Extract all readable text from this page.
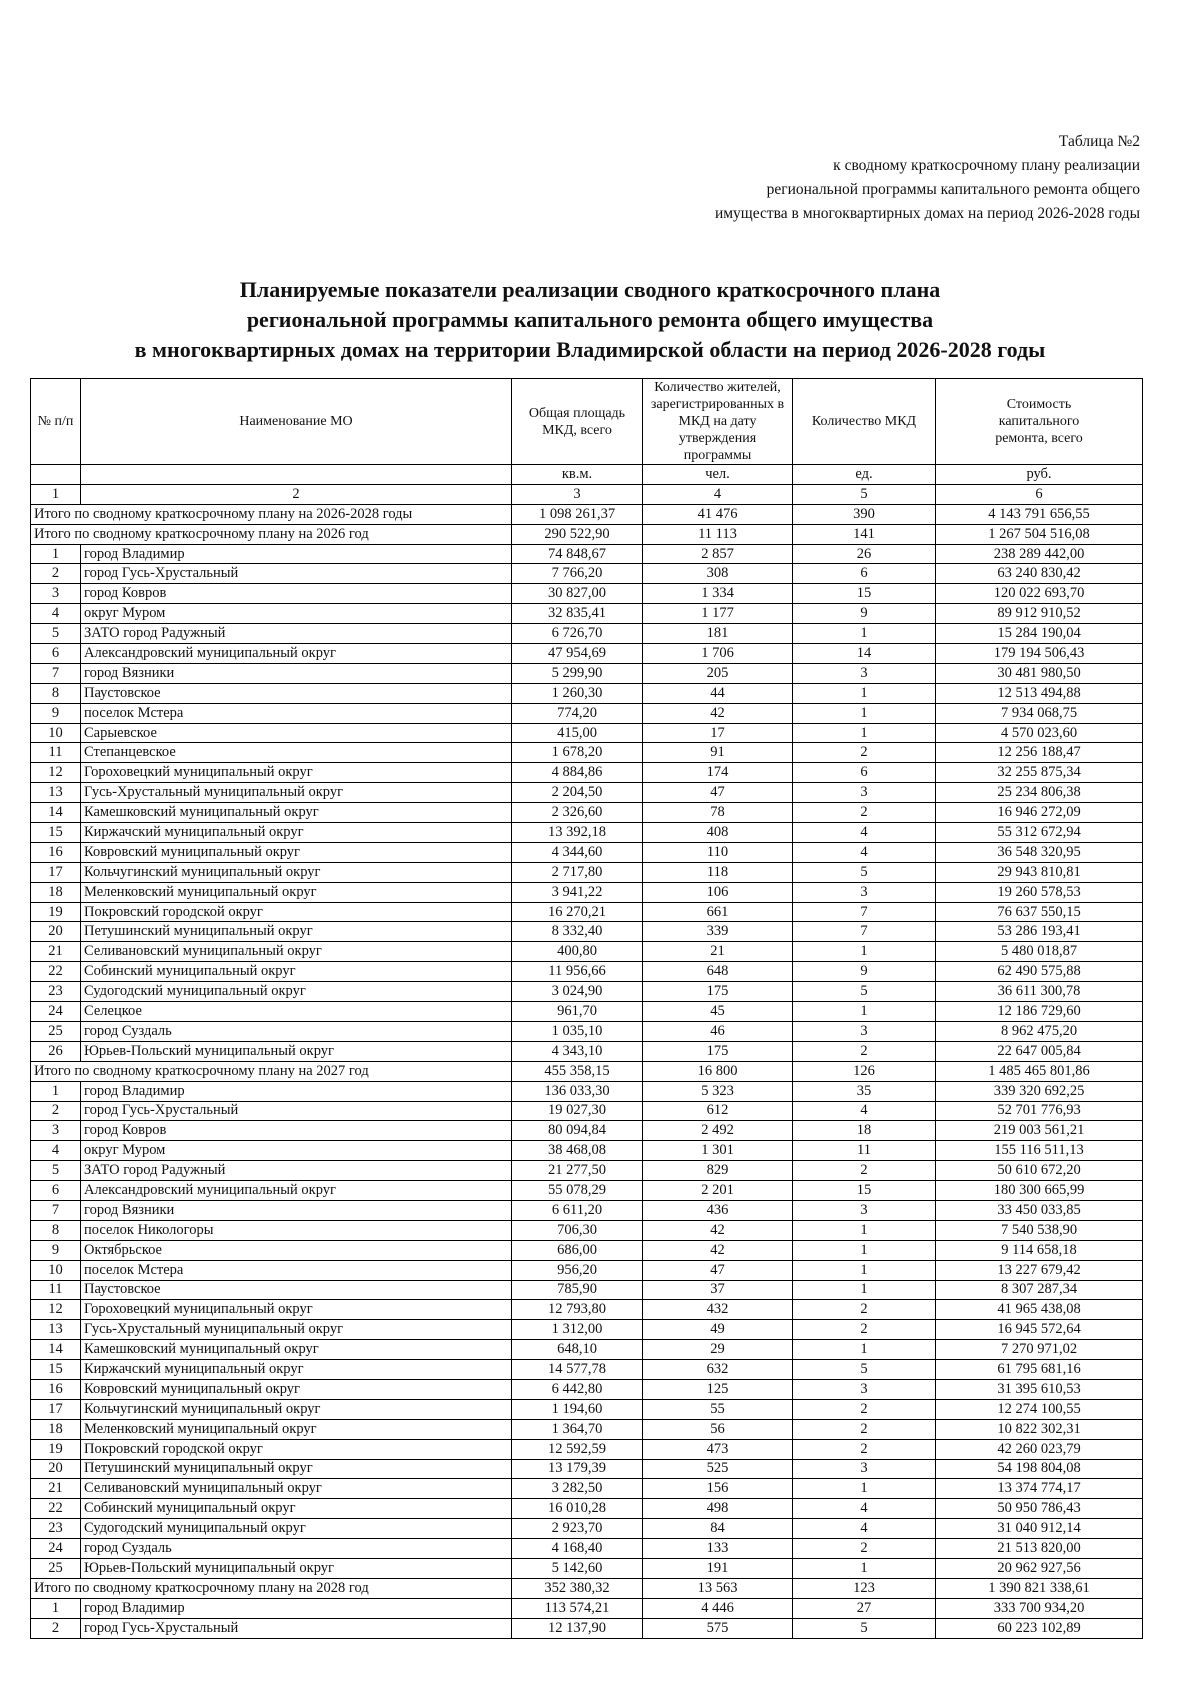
Таблица №2
к сводному краткосрочному плану реализации
региональной программы капитального ремонта общего
имущества в многоквартирных домах на период 2026-2028 годы
Планируемые показатели реализации сводного краткосрочного плана
региональной программы капитального ремонта общего имущества
в многоквартирных домах на территории Владимирской области на период 2026-2028 годы
№ п/п	Наименование МО	Общая площадь МКД, всего	Количество жителей, зарегистрированных в МКД на дату утверждения программы	Количество МКД	Стоимость капитального ремонта, всего
		кв.м.	чел.	ед.	руб.
1	2	3	4	5	6
Итого по сводному краткосрочному плану на 2026-2028 годы		1 098 261,37	41 476	390	4 143 791 656,55
Итого по сводному краткосрочному плану на 2026 год		290 522,90	11 113	141	1 267 504 516,08
1	город Владимир	74 848,67	2 857	26	238 289 442,00
2	город Гусь-Хрустальный	7 766,20	308	6	63 240 830,42
3	город Ковров	30 827,00	1 334	15	120 022 693,70
4	округ Муром	32 835,41	1 177	9	89 912 910,52
5	ЗАТО город Радужный	6 726,70	181	1	15 284 190,04
6	Александровский муниципальный округ	47 954,69	1 706	14	179 194 506,43
7	город Вязники	5 299,90	205	3	30 481 980,50
8	Паустовское	1 260,30	44	1	12 513 494,88
9	поселок Мстера	774,20	42	1	7 934 068,75
10	Сарыевское	415,00	17	1	4 570 023,60
11	Степанцевское	1 678,20	91	2	12 256 188,47
12	Гороховецкий муниципальный округ	4 884,86	174	6	32 255 875,34
13	Гусь-Хрустальный муниципальный округ	2 204,50	47	3	25 234 806,38
14	Камешковский муниципальный округ	2 326,60	78	2	16 946 272,09
15	Киржачский муниципальный округ	13 392,18	408	4	55 312 672,94
16	Ковровский муниципальный округ	4 344,60	110	4	36 548 320,95
17	Кольчугинский муниципальный округ	2 717,80	118	5	29 943 810,81
18	Меленковский муниципальный округ	3 941,22	106	3	19 260 578,53
19	Покровский городской округ	16 270,21	661	7	76 637 550,15
20	Петушинский муниципальный округ	8 332,40	339	7	53 286 193,41
21	Селивановский муниципальный округ	400,80	21	1	5 480 018,87
22	Собинский муниципальный округ	11 956,66	648	9	62 490 575,88
23	Судогодский муниципальный округ	3 024,90	175	5	36 611 300,78
24	Селецкое	961,70	45	1	12 186 729,60
25	город Суздаль	1 035,10	46	3	8 962 475,20
26	Юрьев-Польский муниципальный округ	4 343,10	175	2	22 647 005,84
Итого по сводному краткосрочному плану на 2027 год		455 358,15	16 800	126	1 485 465 801,86
1	город Владимир	136 033,30	5 323	35	339 320 692,25
2	город Гусь-Хрустальный	19 027,30	612	4	52 701 776,93
3	город Ковров	80 094,84	2 492	18	219 003 561,21
4	округ Муром	38 468,08	1 301	11	155 116 511,13
5	ЗАТО город Радужный	21 277,50	829	2	50 610 672,20
6	Александровский муниципальный округ	55 078,29	2 201	15	180 300 665,99
7	город Вязники	6 611,20	436	3	33 450 033,85
8	поселок Никологоры	706,30	42	1	7 540 538,90
9	Октябрьское	686,00	42	1	9 114 658,18
10	поселок Мстера	956,20	47	1	13 227 679,42
11	Паустовское	785,90	37	1	8 307 287,34
12	Гороховецкий муниципальный округ	12 793,80	432	2	41 965 438,08
13	Гусь-Хрустальный муниципальный округ	1 312,00	49	2	16 945 572,64
14	Камешковский муниципальный округ	648,10	29	1	7 270 971,02
15	Киржачский муниципальный округ	14 577,78	632	5	61 795 681,16
16	Ковровский муниципальный округ	6 442,80	125	3	31 395 610,53
17	Кольчугинский муниципальный округ	1 194,60	55	2	12 274 100,55
18	Меленковский муниципальный округ	1 364,70	56	2	10 822 302,31
19	Покровский городской округ	12 592,59	473	2	42 260 023,79
20	Петушинский муниципальный округ	13 179,39	525	3	54 198 804,08
21	Селивановский муниципальный округ	3 282,50	156	1	13 374 774,17
22	Собинский муниципальный округ	16 010,28	498	4	50 950 786,43
23	Судогодский муниципальный округ	2 923,70	84	4	31 040 912,14
24	город Суздаль	4 168,40	133	2	21 513 820,00
25	Юрьев-Польский муниципальный округ	5 142,60	191	1	20 962 927,56
Итого по сводному краткосрочному плану на 2028 год		352 380,32	13 563	123	1 390 821 338,61
1	город Владимир	113 574,21	4 446	27	333 700 934,20
2	город Гусь-Хрустальный	12 137,90	575	5	60 223 102,89
